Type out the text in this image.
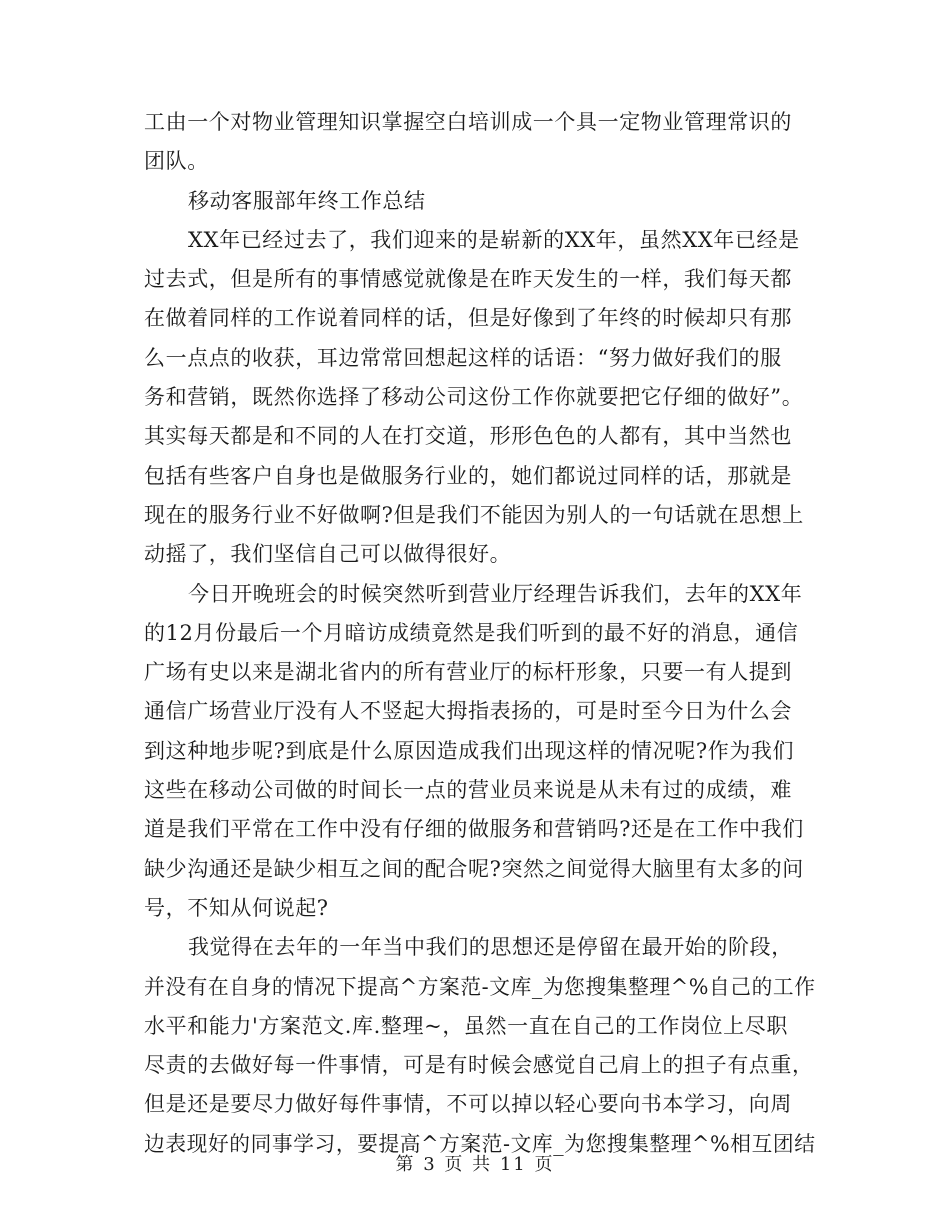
工由一个对物业管理知识掌握空白培训成一个具一定物业管理常识的
团队。
移动客服部年终工作总结
XX年已经过去了，我们迎来的是崭新的XX年，虽然XX年已经是
过去式，但是所有的事情感觉就像是在昨天发生的一样，我们每天都
在做着同样的工作说着同样的话，但是好像到了年终的时候却只有那
么一点点的收获，耳边常常回想起这样的话语：“努力做好我们的服
务和营销，既然你选择了移动公司这份工作你就要把它仔细的做好”。
其实每天都是和不同的人在打交道，形形色色的人都有，其中当然也
包括有些客户自身也是做服务行业的，她们都说过同样的话，那就是
现在的服务行业不好做啊?但是我们不能因为别人的一句话就在思想上
动摇了，我们坚信自己可以做得很好。
今日开晚班会的时候突然听到营业厅经理告诉我们，去年的XX年
的12月份最后一个月暗访成绩竟然是我们听到的最不好的消息，通信
广场有史以来是湖北省内的所有营业厅的标杆形象，只要一有人提到
通信广场营业厅没有人不竖起大拇指表扬的，可是时至今日为什么会
到这种地步呢?到底是什么原因造成我们出现这样的情况呢?作为我们
这些在移动公司做的时间长一点的营业员来说是从未有过的成绩，难
道是我们平常在工作中没有仔细的做服务和营销吗?还是在工作中我们
缺少沟通还是缺少相互之间的配合呢?突然之间觉得大脑里有太多的问
号，不知从何说起?
我觉得在去年的一年当中我们的思想还是停留在最开始的阶段，
并没有在自身的情况下提高^方案范-文库_为您搜集整理^%自己的工作
水平和能力'方案范文.库.整理~，虽然一直在自己的工作岗位上尽职
尽责的去做好每一件事情，可是有时候会感觉自己肩上的担子有点重，
但是还是要尽力做好每件事情，不可以掉以轻心要向书本学习，向周
边表现好的同事学习，要提高^方案范-文库_为您搜集整理^%相互团结
第 3 页 共 11 页
